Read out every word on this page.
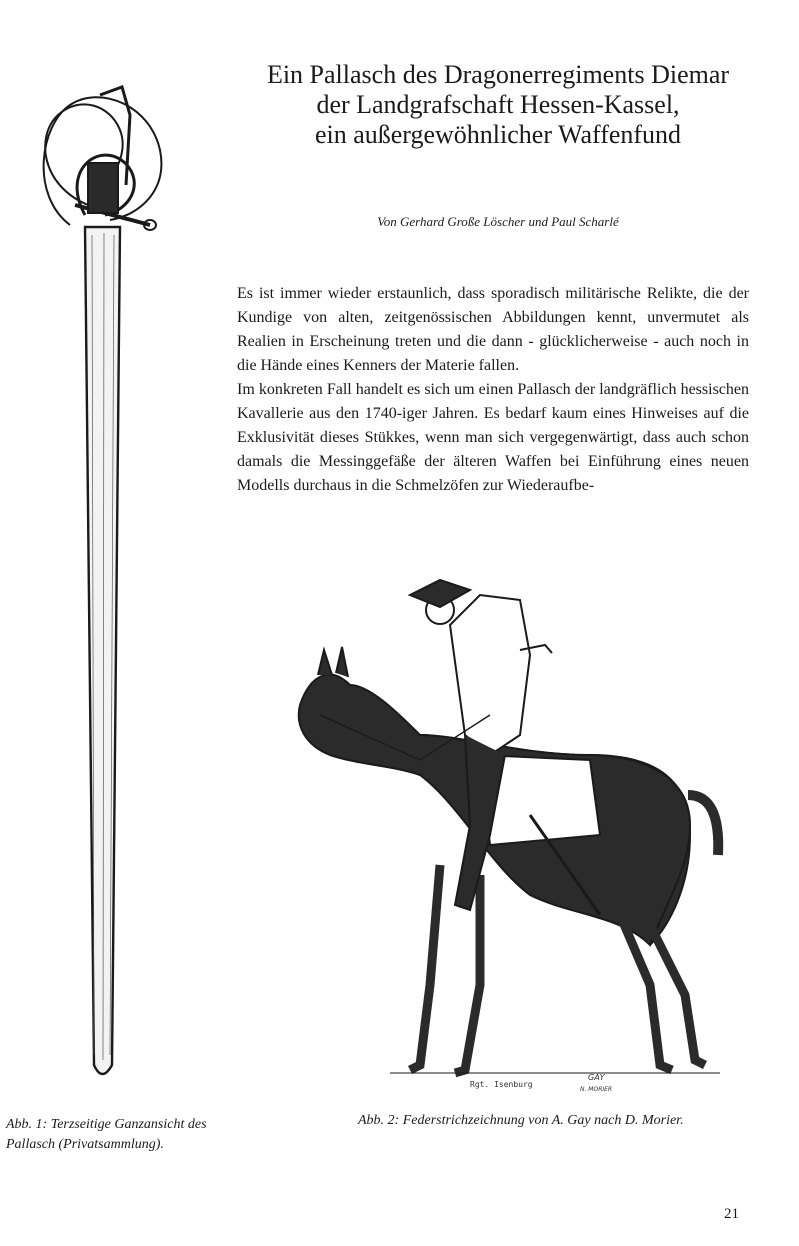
Ein Pallasch des Dragonerregiments Diemar
der Landgrafschaft Hessen-Kassel,
ein außergewöhnlicher Waffenfund
Von Gerhard Große Löscher und Paul Scharlé

Es ist immer wieder erstaunlich, dass sporadisch militärische Relikte, die der Kundige von alten, zeitgenössischen Abbildungen kennt, unvermutet als Realien in Erscheinung treten und die dann - glücklicherweise - auch noch in die Hände eines Kenners der Materie fallen.

Im konkreten Fall handelt es sich um einen Pallasch der landgräflich hessischen Kavallerie aus den 1740-iger Jahren. Es bedarf kaum eines Hinweises auf die Exklusivität dieses Stükkes, wenn man sich vergegenwärtigt, dass auch schon damals die Messinggefäße der älteren Waffen bei Einführung eines neuen Modells durchaus in die Schmelzöfen zur Wiederaufbe-

Rgt. Isenburg
GAY
N. MORIER
Abb. 1: Terzseitige Ganzansicht des Pallasch (Privatsammlung).
Abb. 2: Federstrichzeichnung von A. Gay nach D. Morier.
21
